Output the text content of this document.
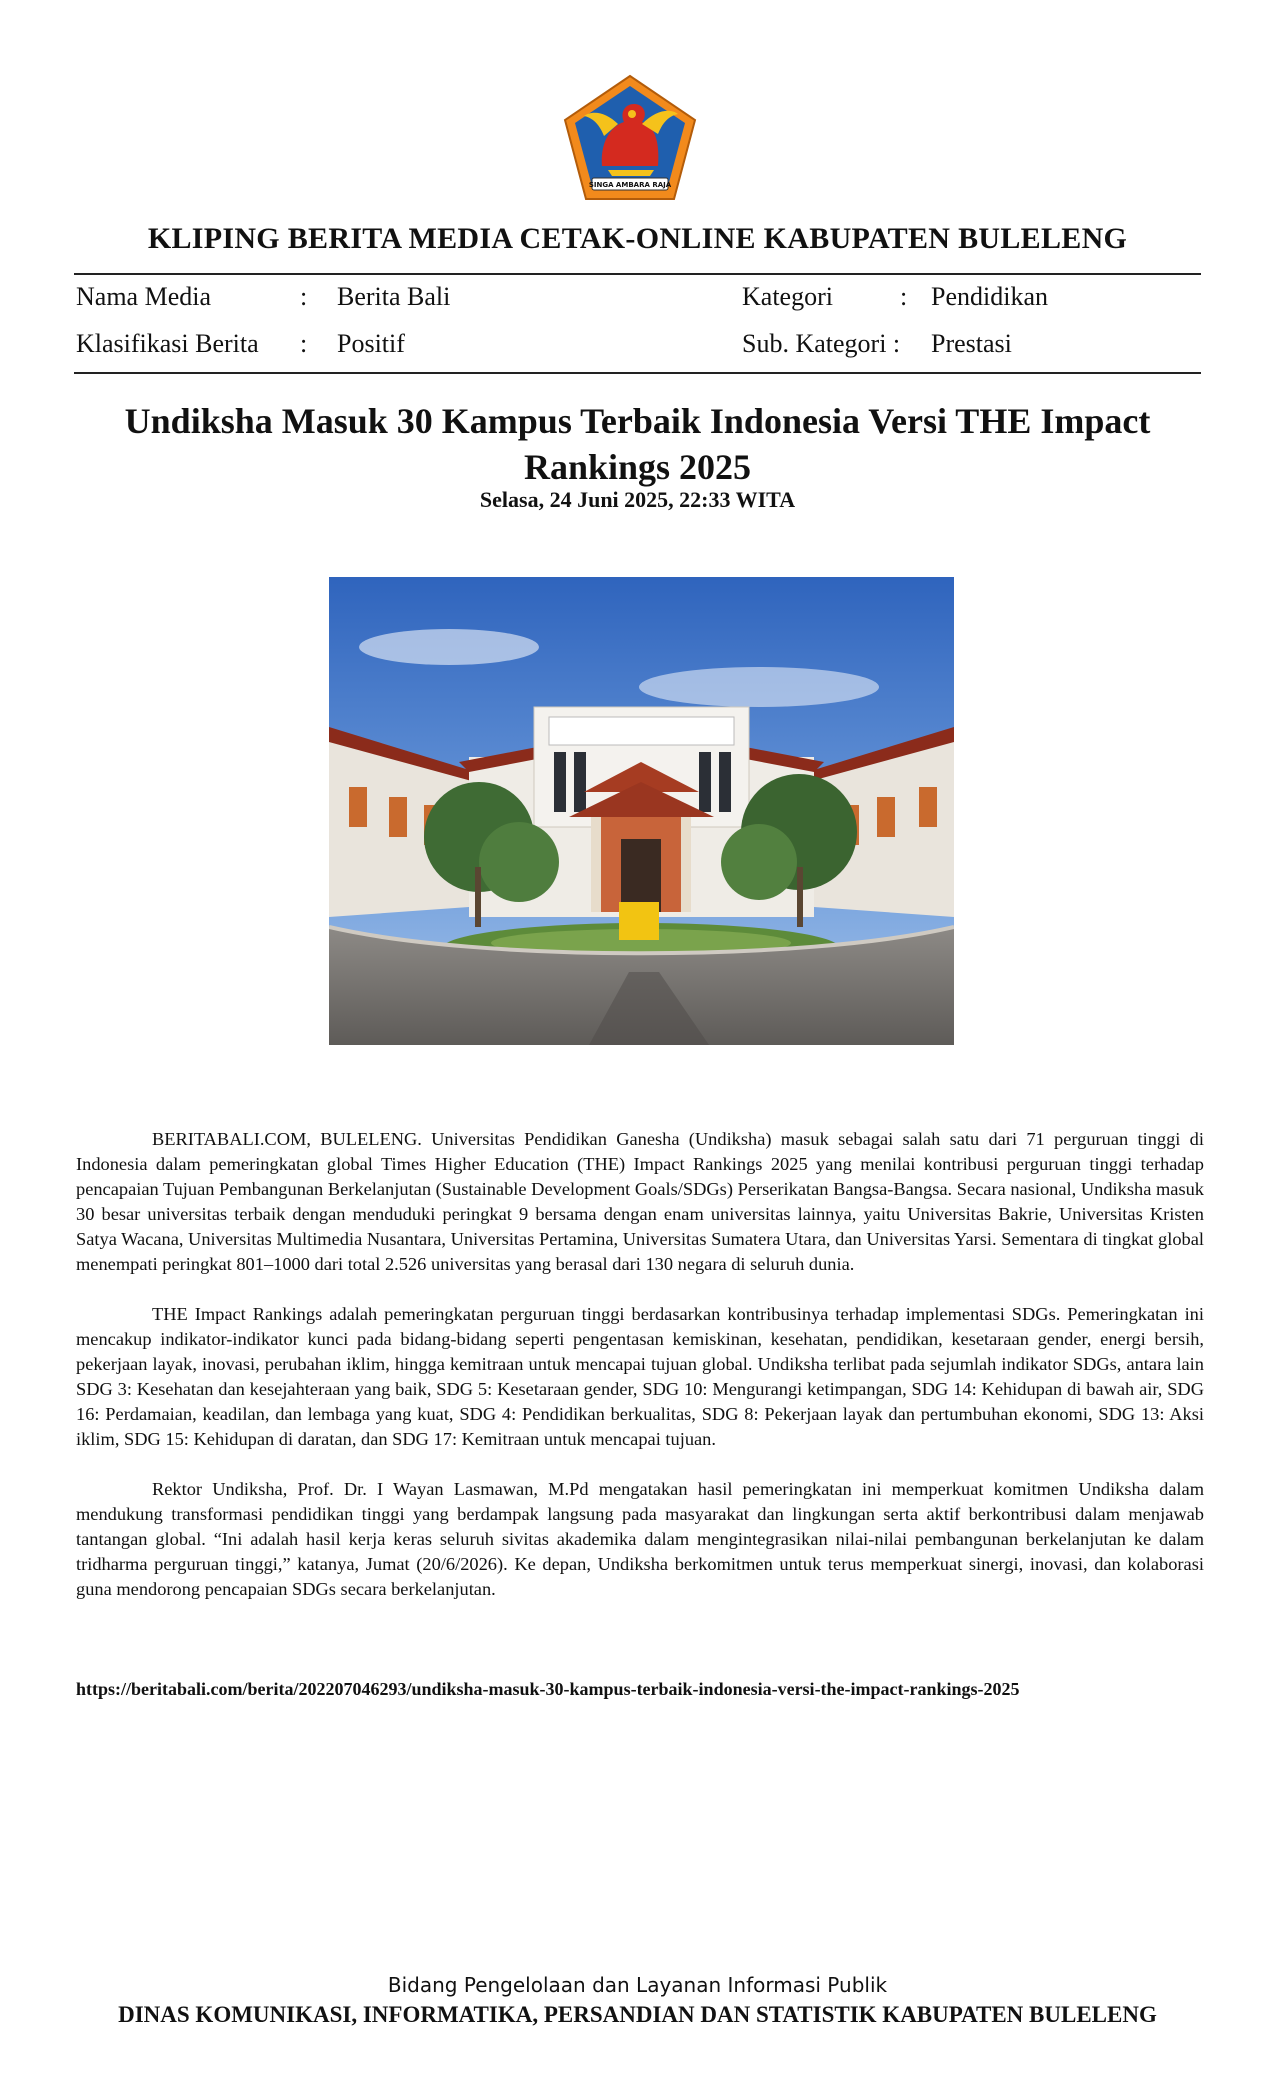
SINGA AMBARA RAJA
KLIPING BERITA MEDIA CETAK-ONLINE KABUPATEN BULELENG
Nama Media	: Berita Bali	Kategori	: Pendidikan
Klasifikasi Berita : Positif	Sub. Kategori : Prestasi
Undiksha Masuk 30 Kampus Terbaik Indonesia Versi THE Impact
Rankings 2025
Selasa, 24 Juni 2025, 22:33 WITA

BERITABALI.COM, BULELENG. Universitas Pendidikan Ganesha (Undiksha) masuk sebagai salah satu dari 71 perguruan tinggi di Indonesia dalam pemeringkatan global Times Higher Education (THE) Impact Rankings 2025 yang menilai kontribusi perguruan tinggi terhadap pencapaian Tujuan Pembangunan Berkelanjutan (Sustainable Development Goals/SDGs) Perserikatan Bangsa-Bangsa. Secara nasional, Undiksha masuk 30 besar universitas terbaik dengan menduduki peringkat 9 bersama dengan enam universitas lainnya, yaitu Universitas Bakrie, Universitas Kristen Satya Wacana, Universitas Multimedia Nusantara, Universitas Pertamina, Universitas Sumatera Utara, dan Universitas Yarsi. Sementara di tingkat global menempati peringkat 801–1000 dari total 2.526 universitas yang berasal dari 130 negara di seluruh dunia.

THE Impact Rankings adalah pemeringkatan perguruan tinggi berdasarkan kontribusinya terhadap implementasi SDGs. Pemeringkatan ini mencakup indikator-indikator kunci pada bidang-bidang seperti pengentasan kemiskinan, kesehatan, pendidikan, kesetaraan gender, energi bersih, pekerjaan layak, inovasi, perubahan iklim, hingga kemitraan untuk mencapai tujuan global. Undiksha terlibat pada sejumlah indikator SDGs, antara lain SDG 3: Kesehatan dan kesejahteraan yang baik, SDG 5: Kesetaraan gender, SDG 10: Mengurangi ketimpangan, SDG 14: Kehidupan di bawah air, SDG 16: Perdamaian, keadilan, dan lembaga yang kuat, SDG 4: Pendidikan berkualitas, SDG 8: Pekerjaan layak dan pertumbuhan ekonomi, SDG 13: Aksi iklim, SDG 15: Kehidupan di daratan, dan SDG 17: Kemitraan untuk mencapai tujuan.

Rektor Undiksha, Prof. Dr. I Wayan Lasmawan, M.Pd mengatakan hasil pemeringkatan ini memperkuat komitmen Undiksha dalam mendukung transformasi pendidikan tinggi yang berdampak langsung pada masyarakat dan lingkungan serta aktif berkontribusi dalam menjawab tantangan global. “Ini adalah hasil kerja keras seluruh sivitas akademika dalam mengintegrasikan nilai-nilai pembangunan berkelanjutan ke dalam tridharma perguruan tinggi,” katanya, Jumat (20/6/2026). Ke depan, Undiksha berkomitmen untuk terus memperkuat sinergi, inovasi, dan kolaborasi guna mendorong pencapaian SDGs secara berkelanjutan.

https://beritabali.com/berita/202207046293/undiksha-masuk-30-kampus-terbaik-indonesia-versi-the-impact-rankings-2025
Bidang Pengelolaan dan Layanan Informasi Publik
DINAS KOMUNIKASI, INFORMATIKA, PERSANDIAN DAN STATISTIK KABUPATEN BULELENG
